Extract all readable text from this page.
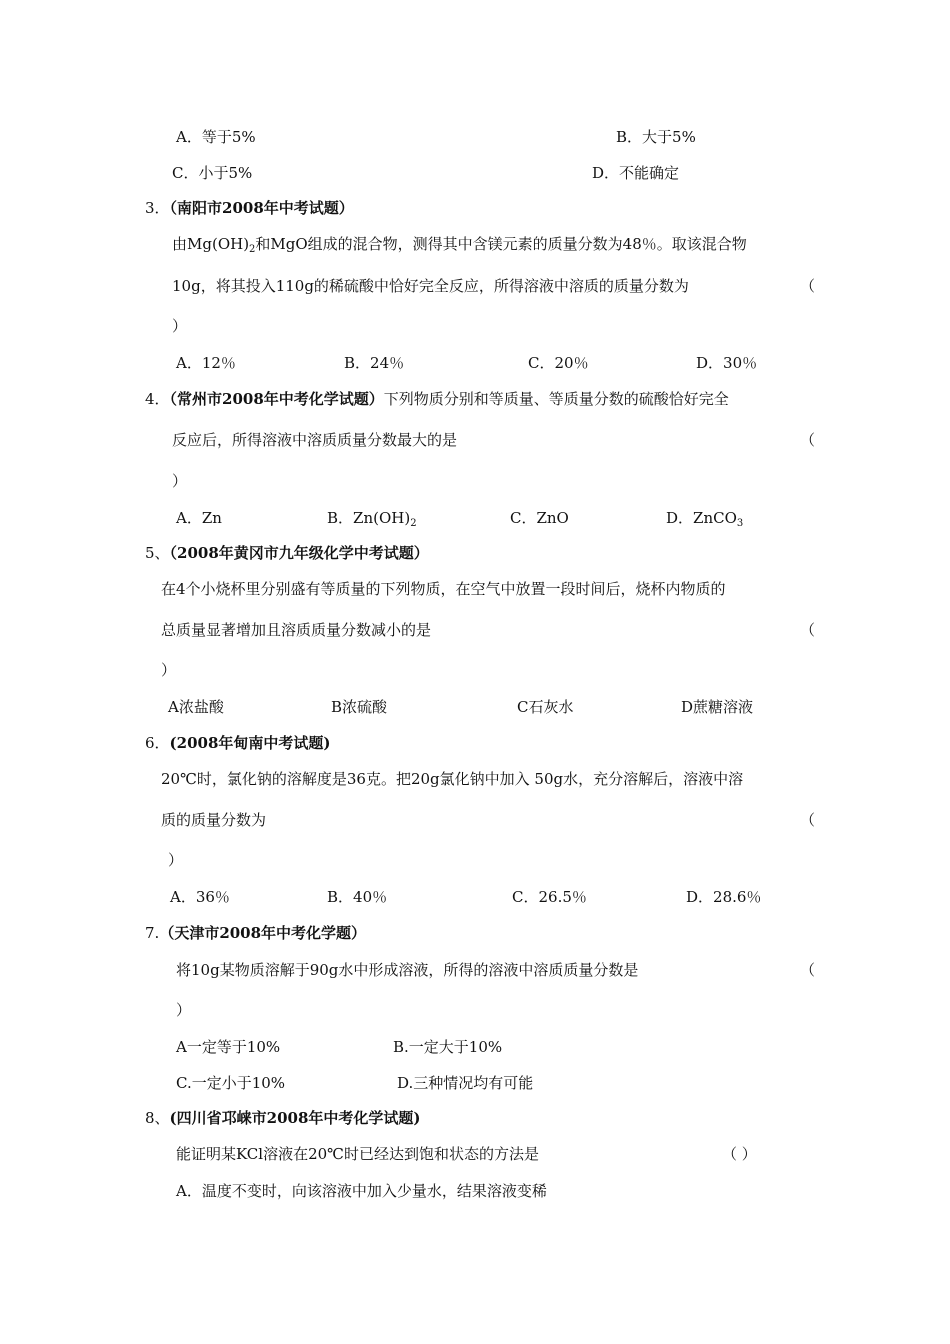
A．等于5%	B．大于5%
C．小于5%	D．不能确定
3．（南阳市2008年中考试题）
由$Mg(OH)_2$和MgO组成的混合物，测得其中含镁元素的质量分数为48％。取该混合物
10g，将其投入110g的稀硫酸中恰好完全反应，所得溶液中溶质的质量分数为	（
）
A．12％	B．24％	C．20％	D．30％
4．（常州市2008年中考化学试题）下列物质分别和等质量、等质量分数的硫酸恰好完全
反应后，所得溶液中溶质质量分数最大的是	（
）
A．Zn	B．$Zn(OH)_2$	C．ZnO	D．ZnCO$_3$
5、（2008年黄冈市九年级化学中考试题）
在4个小烧杯里分别盛有等质量的下列物质，在空气中放置一段时间后，烧杯内物质的
总质量显著增加且溶质质量分数减小的是	（
）
A浓盐酸	B浓硫酸	C石灰水	D蔗糖溶液
6．(2008年甸南中考试题)
20℃时，氯化钠的溶解度是36克。把20g氯化钠中加入 50g水，充分溶解后，溶液中溶
质的质量分数为	（
）
A．36％	B．40％	C．26.5％	D．28.6％
7.（天津市2008年中考化学题）
将10g某物质溶解于90g水中形成溶液，所得的溶液中溶质质量分数是	（
）
A一定等于10%	B.一定大于10%
C.一定小于10%	D.三种情况均有可能
8、(四川省邛崃市2008年中考化学试题)
能证明某KCl溶液在20℃时已经达到饱和状态的方法是	（ ）
A．温度不变时，向该溶液中加入少量水，结果溶液变稀
